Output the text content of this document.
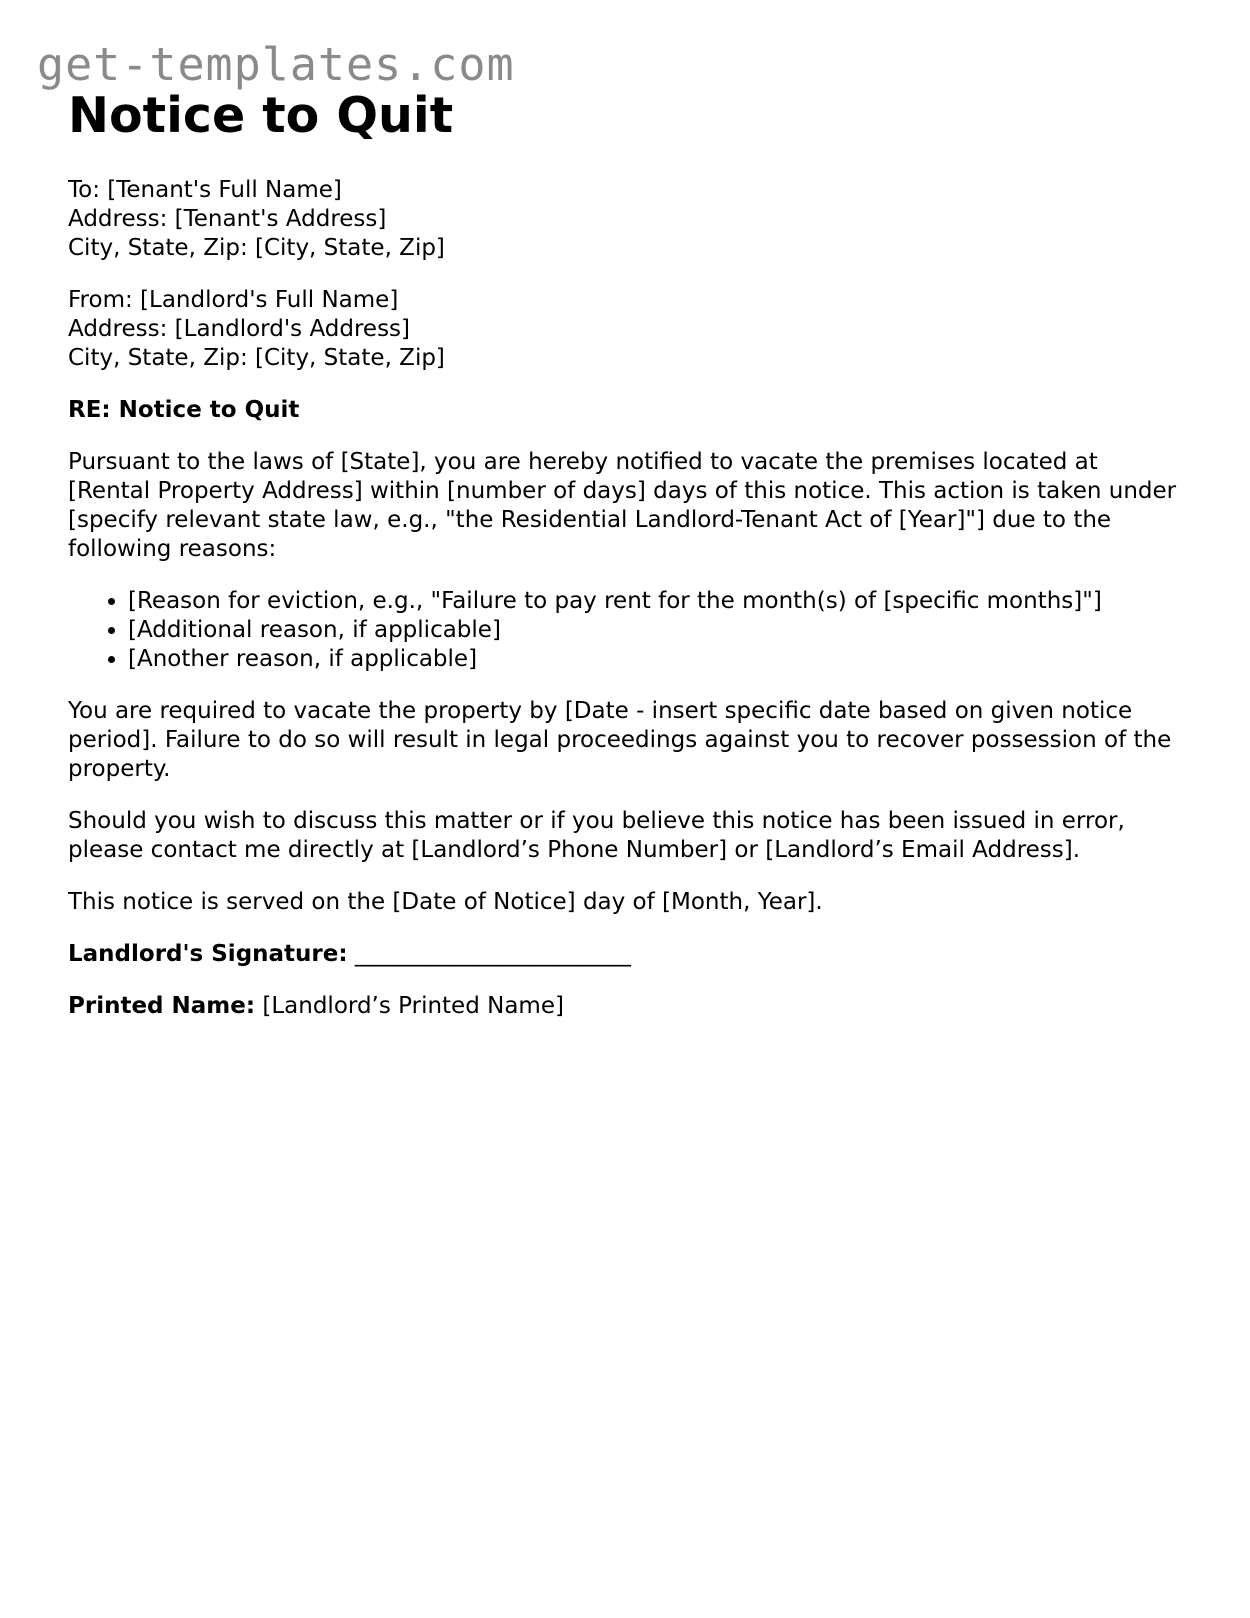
get-templates.com
Notice to Quit
To: [Tenant's Full Name]
Address: [Tenant's Address]
City, State, Zip: [City, State, Zip]
From: [Landlord's Full Name]
Address: [Landlord's Address]
City, State, Zip: [City, State, Zip]
RE: Notice to Quit

Pursuant to the laws of [State], you are hereby notified to vacate the premises located at [Rental Property Address] within [number of days] days of this notice. This action is taken under [specify relevant state law, e.g., "the Residential Landlord-Tenant Act of [Year]"] due to the following reasons:

• [Reason for eviction, e.g., "Failure to pay rent for the month(s) of [specific months]"]
• [Additional reason, if applicable]
• [Another reason, if applicable]

You are required to vacate the property by [Date - insert specific date based on given notice period]. Failure to do so will result in legal proceedings against you to recover possession of the property.

Should you wish to discuss this matter or if you believe this notice has been issued in error, please contact me directly at [Landlord’s Phone Number] or [Landlord’s Email Address].

This notice is served on the [Date of Notice] day of [Month, Year].

Landlord's Signature: ________________________
Printed Name: [Landlord’s Printed Name]
